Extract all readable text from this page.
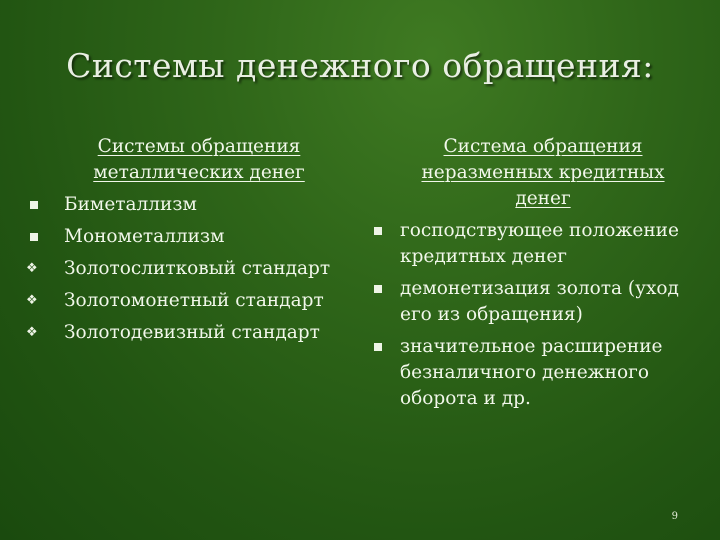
Системы денежного обращения:
Системы обращения металлических денег
Биметаллизм
Монометаллизм
Золотослитковый стандарт
Золотомонетный стандарт
Золотодевизный стандарт
Система обращения неразменных кредитных денег
господствующее положение кредитных денег
демонетизация золота (уход его из обращения)
значительное расширение безналичного денежного оборота и др.
9
